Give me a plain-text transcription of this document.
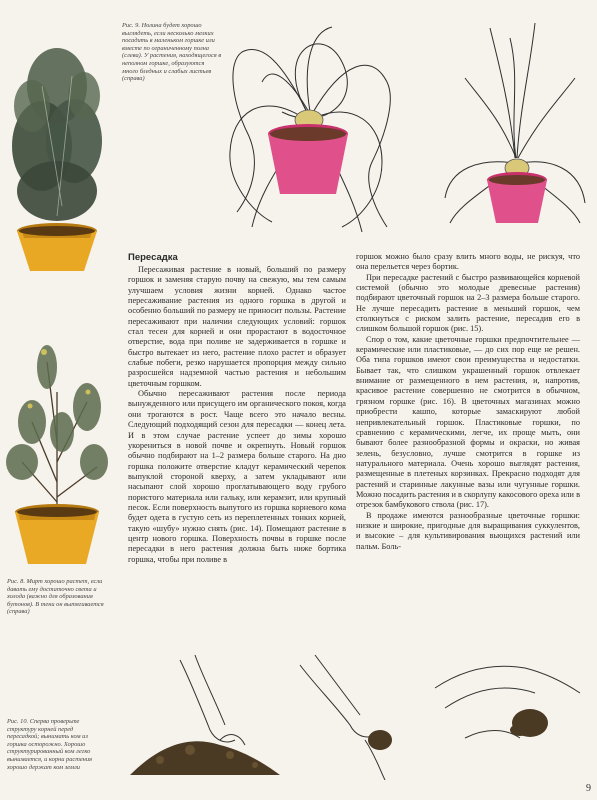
Рис. 9. Нолина будет хорошо выглядеть, если несколько мелких посадить в маленьком горшке или вместе по ограниченному полна (слева). У растения, находящегося в неполном горшке, образуются много бледных и слабых листьев (справа)

Рис. 8. Мирт хорошо растет, если давать ему достаточно света и холода (важно для образования бутонов). В тени он вытягивается (справа)

Рис. 10. Сперва проверьте структуру корней перед пересадкой; вынимать ком из горшка осторожно. Хорошо структурированный ком легко вынимается, и корни растения хорошо держат ком земли

Пересадка

Пересаживая растение в новый, больший по размеру горшок и заменяя старую почву на свежую, мы тем самым улучшаем условия жизни корней. Однако частое пересаживание растения из одного горшка в другой и особенно больший по размеру не приносит пользы. Растение пересаживают при наличии следующих условий: горшок стал тесен для корней и они прорастают в водосточное отверстие, вода при поливе не задерживается в горшке и быстро вытекает из него, растение плохо растет и образует слабые побеги, резко нарушается пропорция между сильно разросшейся надземной частью растения и небольшим цветочным горшком.

Обычно пересаживают растения после периода вынужденного или присущего им органического покоя, когда они трогаются в рост. Чаще всего это начало весны. Следующий подходящий сезон для пересадки — конец лета. И в этом случае растение успеет до зимы хорошо укорениться в новой почве и окрепнуть. Новый горшок обычно подбирают на 1–2 размера больше старого. На дно горшка положите отверстие кладут керамический черепок выпуклой стороной кверху, а затем укладывают или насыпают слой хорошо проглатывающего воду грубого пористого материала или гальку, или керамзит, или крупный песок. Если поверхность выпутого из горшка корневого кома будет одета в густую сеть из переплетенных тонких корней, такую «шубу» нужно снять (рис. 14). Помещают растение в центр нового горшка. Поверхность почвы в горшке после пересадки в него растения должна быть ниже бортика горшка, чтобы при поливе в

горшок можно было сразу влить много воды, не рискуя, что она перельется через бортик.

При пересадке растений с быстро развивающейся корневой системой (обычно это молодые древесные растения) подбирают цветочный горшок на 2–3 размера больше старого. Не лучше пересадить растение в меньший горшок, чем столкнуться с риском залить растение, пересадив его в слишком большой горшок (рис. 15).

Спор о том, какие цветочные горшки предпочтительнее — керамические или пластиковые, — до сих пор еще не решен. Оба типа горшков имеют свои преимущества и недостатки. Бывает так, что слишком украшенный горшок отвлекает внимание от размещенного в нем растения, и, напротив, красивое растение совершенно не смотрится в обычном, грязном горшке (рис. 16). В цветочных магазинах можно приобрести кашпо, которые замаскируют любой непривлекательный горшок. Пластиковые горшки, по сравнению с керамическими, легче, их проще мыть, они бывают более разнообразной формы и окраски, но живая зелень, безусловно, лучше смотрится в горшке из натурального материала. Очень хорошо выглядят растения, размещенные в плетеных корзинках. Прекрасно подходят для растений и старинные лакунные вазы или чугунные горшки. Можно посадить растения и в скорлупу какосового ореха или в отрезок бамбукового ствола (рис. 17).

В продаже имеются разнообразные цветочные горшки: низкие и широкие, пригодные для выращивания суккулентов, и высокие – для культивирования вьющихся растений или пальм. Боль-

9
